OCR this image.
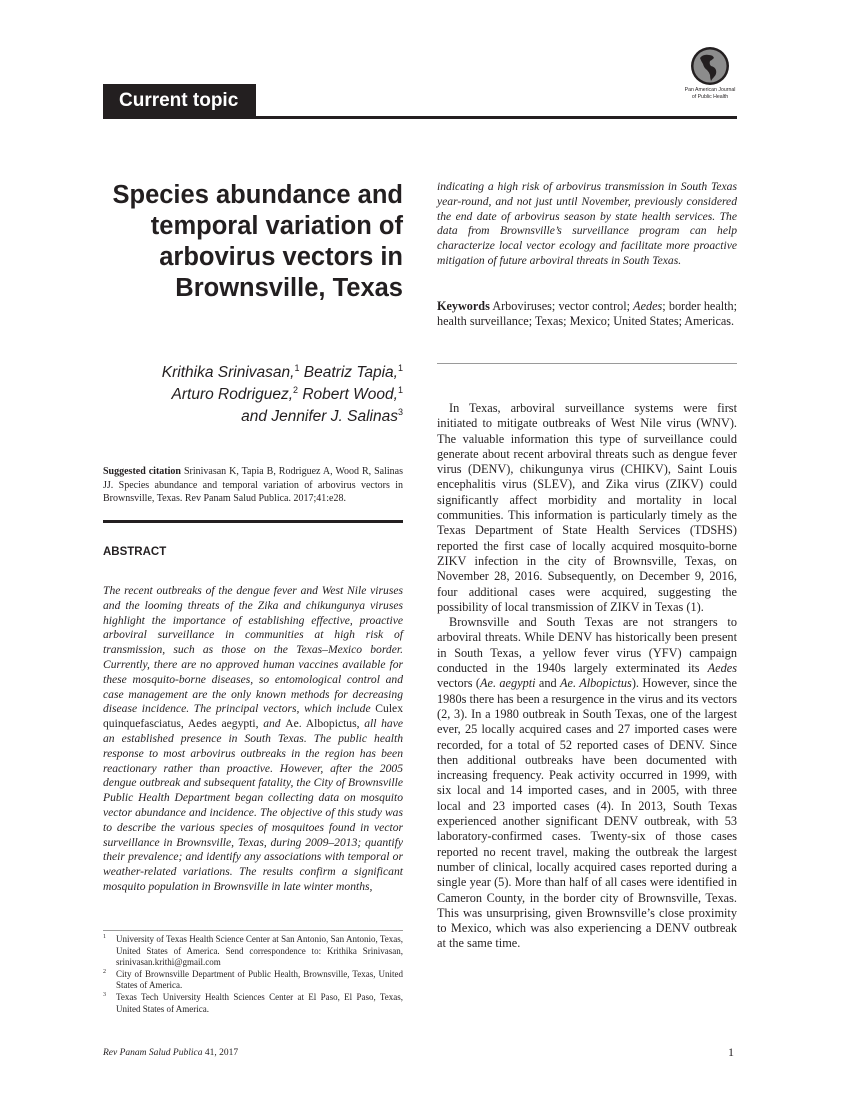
Current topic	Pan American Journal
of Public Health
Species abundance and
temporal variation of
arbovirus vectors in
Brownsville, Texas
Krithika Srinivasan,$^1$ Beatriz Tapia,$^1$
Arturo Rodriguez,$^2$ Robert Wood,$^1$
and Jennifer J. Salinas$^3$
Suggested citation Srinivasan K, Tapia B, Rodriguez A, Wood R, Salinas JJ. Species abundance and temporal variation of arbovirus vectors in Brownsville, Texas. Rev Panam Salud Publica. 2017;41:e28.
ABSTRACT
The recent outbreaks of the dengue fever and West Nile viruses and the looming threats of the Zika and chikungunya viruses highlight the importance of establishing effective, proactive arboviral surveillance in communities at high risk of transmission, such as those on the Texas–Mexico border. Currently, there are no approved human vaccines available for these mosquito-borne diseases, so entomological control and case management are the only known methods for decreasing disease incidence. The principal vectors, which include Culex quinquefasciatus, Aedes aegypti, and Ae. Albopictus, all have an established presence in South Texas. The public health response to most arbovirus outbreaks in the region has been reactionary rather than proactive. However, after the 2005 dengue outbreak and subsequent fatality, the City of Brownsville Public Health Department began collecting data on mosquito vector abundance and incidence. The objective of this study was to describe the various species of mosquitoes found in vector surveillance in Brownsville, Texas, during 2009–2013; quantify their prevalence; and identify any associations with temporal or weather-related variations. The results confirm a significant mosquito population in Brownsville in late winter months,
1 University of Texas Health Science Center at San Antonio, San Antonio, Texas, United States of America. Send correspondence to: Krithika Srinivasan, srinivasan.krithi@gmail.com
2 City of Brownsville Department of Public Health, Brownsville, Texas, United States of America.
3 Texas Tech University Health Sciences Center at El Paso, El Paso, Texas, United States of America.
indicating a high risk of arbovirus transmission in South Texas year-round, and not just until November, previously considered the end date of arbovirus season by state health services. The data from Brownsville’s surveillance program can help characterize local vector ecology and facilitate more proactive mitigation of future arboviral threats in South Texas.
Keywords Arboviruses; vector control; Aedes; border health; health surveillance; Texas; Mexico; United States; Americas.

In Texas, arboviral surveillance systems were first initiated to mitigate outbreaks of West Nile virus (WNV). The valuable information this type of surveillance could generate about recent arboviral threats such as dengue fever virus (DENV), chikungunya virus (CHIKV), Saint Louis encephalitis virus (SLEV), and Zika virus (ZIKV) could significantly affect morbidity and mortality in local communities. This information is particularly timely as the Texas Department of State Health Services (TDSHS) reported the first case of locally acquired mosquito-borne ZIKV infection in the city of Brownsville, Texas, on November 28, 2016. Subsequently, on December 9, 2016, four additional cases were acquired, suggesting the possibility of local transmission of ZIKV in Texas (1).

Brownsville and South Texas are not strangers to arboviral threats. While DENV has historically been present in South Texas, a yellow fever virus (YFV) campaign conducted in the 1940s largely exterminated its Aedes vectors (Ae. aegypti and Ae. Albopictus). However, since the 1980s there has been a resurgence in the virus and its vectors (2, 3). In a 1980 outbreak in South Texas, one of the largest ever, 25 locally acquired cases and 27 imported cases were recorded, for a total of 52 reported cases of DENV. Since then additional outbreaks have been documented with increasing frequency. Peak activity occurred in 1999, with six local and 14 imported cases, and in 2005, with three local and 23 imported cases (4). In 2013, South Texas experienced another significant DENV outbreak, with 53 laboratory-confirmed cases. Twenty-six of those cases reported no recent travel, making the outbreak the largest number of clinical, locally acquired cases reported during a single year (5). More than half of all cases were identified in Cameron County, in the border city of Brownsville, Texas. This was unsurprising, given Brownsville’s close proximity to Mexico, which was also experiencing a DENV outbreak at the same time.

Rev Panam Salud Publica 41, 2017	1
